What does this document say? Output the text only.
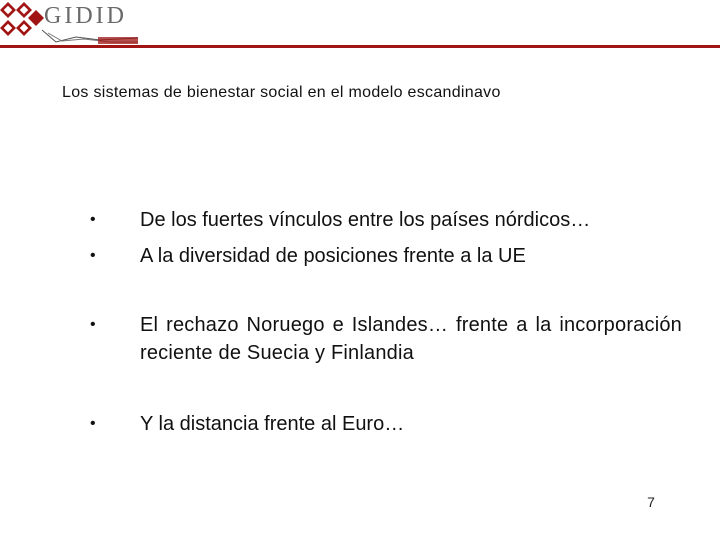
GIDID
Los sistemas de bienestar social en el modelo escandinavo
•	De los fuertes vínculos entre los países nórdicos…
•	A la diversidad de posiciones frente a la UE
•	El rechazo Noruego e Islandes… frente a la incorporación reciente de Suecia y Finlandia
•	Y la distancia frente al Euro…
7
